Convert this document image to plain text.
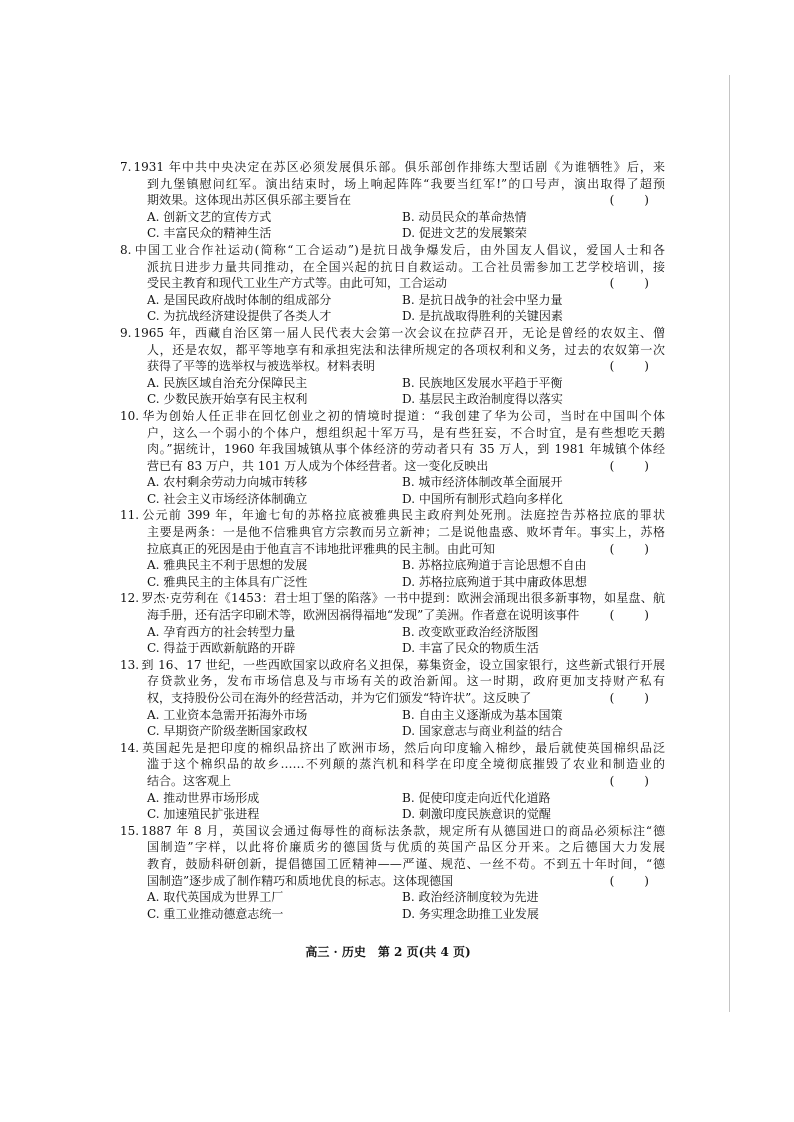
7. 1931 年中共中央决定在苏区必须发展俱乐部。俱乐部创作排练大型话剧《为谁牺牲》后，来
到九堡镇慰问红军。演出结束时，场上响起阵阵“我要当红军!”的口号声，演出取得了超预
期效果。这体现出苏区俱乐部主要旨在	(　　)
A. 创新文艺的宣传方式	B. 动员民众的革命热情
C. 丰富民众的精神生活	D. 促进文艺的发展繁荣
8. 中国工业合作社运动(简称“工合运动”)是抗日战争爆发后，由外国友人倡议，爱国人士和各
派抗日进步力量共同推动，在全国兴起的抗日自救运动。工合社员需参加工艺学校培训，接
受民主教育和现代工业生产方式等。由此可知，工合运动	(　　)
A. 是国民政府战时体制的组成部分	B. 是抗日战争的社会中坚力量
C. 为抗战经济建设提供了各类人才	D. 是抗战取得胜利的关键因素
9. 1965 年，西藏自治区第一届人民代表大会第一次会议在拉萨召开，无论是曾经的农奴主、僧
人，还是农奴，都平等地享有和承担宪法和法律所规定的各项权利和义务，过去的农奴第一次
获得了平等的选举权与被选举权。材料表明	(　　)
A. 民族区域自治充分保障民主	B. 民族地区发展水平趋于平衡
C. 少数民族开始享有民主权利	D. 基层民主政治制度得以落实
10. 华为创始人任正非在回忆创业之初的情境时提道：“我创建了华为公司，当时在中国叫个体
户，这么一个弱小的个体户，想组织起十军万马，是有些狂妄，不合时宜，是有些想吃天鹅
肉。”据统计，1960 年我国城镇从事个体经济的劳动者只有 35 万人，到 1981 年城镇个体经
营已有 83 万户，共 101 万人成为个体经营者。这一变化反映出	(　　)
A. 农村剩余劳动力向城市转移	B. 城市经济体制改革全面展开
C. 社会主义市场经济体制确立	D. 中国所有制形式趋向多样化
11. 公元前 399 年，年逾七旬的苏格拉底被雅典民主政府判处死刑。法庭控告苏格拉底的罪状
主要是两条：一是他不信雅典官方宗教而另立新神；二是说他蛊惑、败坏青年。事实上，苏格
拉底真正的死因是由于他直言不讳地批评雅典的民主制。由此可知	(　　)
A. 雅典民主不利于思想的发展	B. 苏格拉底殉道于言论思想不自由
C. 雅典民主的主体具有广泛性	D. 苏格拉底殉道于其中庸政体思想
12. 罗杰·克劳利在《1453：君士坦丁堡的陷落》一书中提到：欧洲会涌现出很多新事物，如星盘、航
海手册，还有活字印刷术等，欧洲因祸得福地“发现”了美洲。作者意在说明该事件	(　　)
A. 孕育西方的社会转型力量	B. 改变欧亚政治经济版图
C. 得益于西欧新航路的开辟	D. 丰富了民众的物质生活
13. 到 16、17 世纪，一些西欧国家以政府名义担保，募集资金，设立国家银行，这些新式银行开展
存贷款业务，发布市场信息及与市场有关的政治新闻。这一时期，政府更加支持财产私有
权，支持股份公司在海外的经营活动，并为它们颁发“特许状”。这反映了	(　　)
A. 工业资本急需开拓海外市场	B. 自由主义逐渐成为基本国策
C. 早期资产阶级垄断国家政权	D. 国家意志与商业利益的结合
14. 英国起先是把印度的棉织品挤出了欧洲市场，然后向印度输入棉纱，最后就使英国棉织品泛
滥于这个棉织品的故乡……不列颠的蒸汽机和科学在印度全境彻底摧毁了农业和制造业的
结合。这客观上	(　　)
A. 推动世界市场形成	B. 促使印度走向近代化道路
C. 加速殖民扩张进程	D. 刺激印度民族意识的觉醒
15. 1887 年 8 月，英国议会通过侮辱性的商标法条款，规定所有从德国进口的商品必须标注“德
国制造”字样，以此将价廉质劣的德国货与优质的英国产品区分开来。之后德国大力发展
教育，鼓励科研创新，提倡德国工匠精神——严谨、规范、一丝不苟。不到五十年时间，“德
国制造”逐步成了制作精巧和质地优良的标志。这体现德国	(　　)
A. 取代英国成为世界工厂	B. 政治经济制度较为先进
C. 重工业推动德意志统一	D. 务实理念助推工业发展
高三 · 历史　第 2 页(共 4 页)
